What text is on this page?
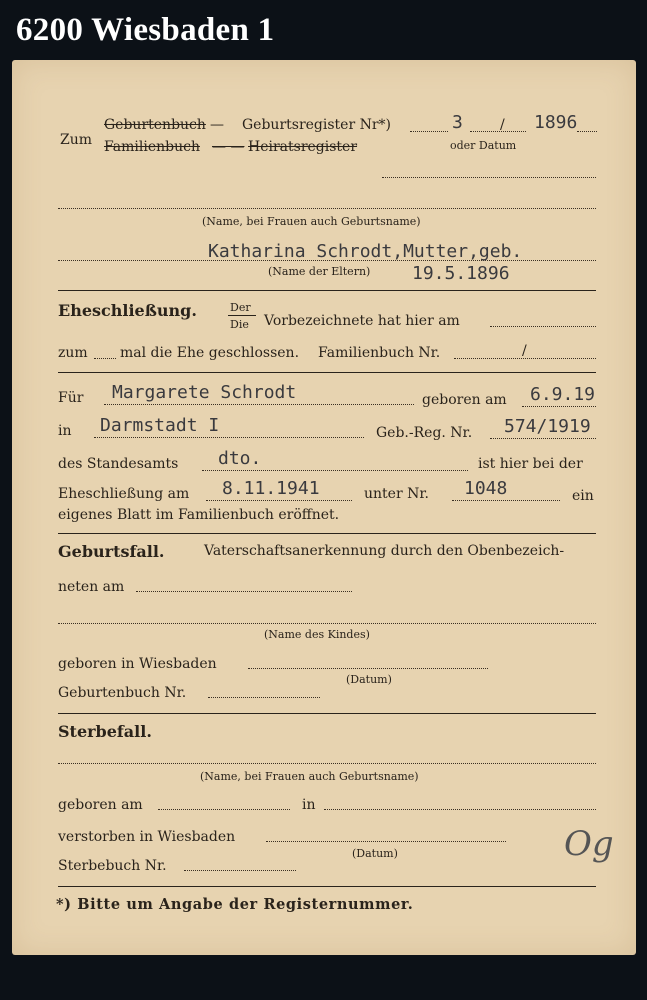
6200 Wiesbaden 1
Zum
Geburtenbuch — Geburtsregister Nr*)	3	/ 1896
Familienbuch — — Heiratsregister	oder Datum
(Name, bei Frauen auch Geburtsname)
Katharina Schrodt,Mutter,geb.
(Name der Eltern) 19.5.1896
Eheschließung.	Der
Die Vorbezeichnete hat hier am
zum mal die Ehe geschlossen. Familienbuch Nr.	/
Für Margarete Schrodt	geboren am 6.9.19
in Darmstadt I	Geb.-Reg. Nr. 574/1919
des Standesamts dto.	ist hier bei der
Eheschließung am 8.11.1941	unter Nr. 1048	ein
eigenes Blatt im Familienbuch eröffnet.
Geburtsfall.	Vaterschaftsanerkennung durch den Obenbezeich-
neten am
(Name des Kindes)
geboren in Wiesbaden
(Datum)
Geburtenbuch Nr.
Sterbefall.
(Name, bei Frauen auch Geburtsname)
geboren am	in
verstorben in Wiesbaden
(Datum)
Sterbebuch Nr.
Og
*) Bitte um Angabe der Registernummer.
